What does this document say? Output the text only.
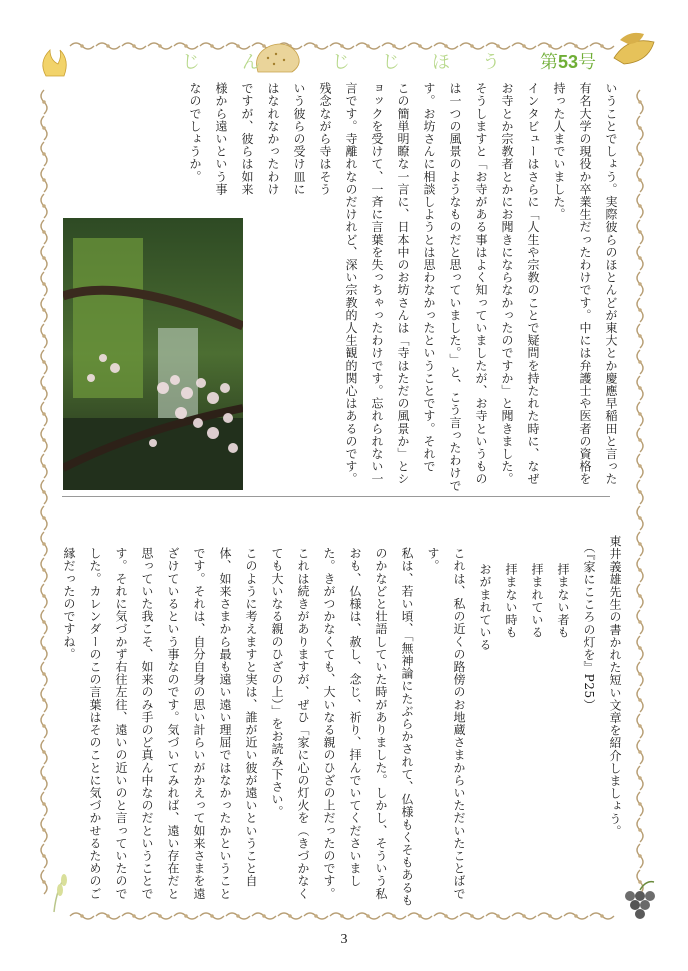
じ ん	じ じ ほ う 第53号
いうことでしょう。実際彼らのほとんどが東大とか慶應早稲田と言った有名大学の現役か卒業生だったわけです。中には弁護士や医者の資格を持った人までいました。
インタビューはさらに「人生や宗教のことで疑問を持たれた時に、なぜお寺とか宗教者とかにお聞きにならなかったのですか」と聞きました。
そうしますと「お寺がある事はよく知っていましたが、お寺というものは一つの風景のようなものだと思っていました。」と、こう言ったわけです。お坊さんに相談しようとは思わなかったということです。それで
この簡単明瞭な一言に、日本中のお坊さんは「寺はただの風景か」とショックを受けて、一斉に言葉を失っちゃったわけです。忘れられない一言です。寺離れなのだけれど、深い宗教的人生観的関心はあるのです。
残念ながら寺はそういう彼らの受け皿にはなれなかったわけですが、彼らは如来様から遠いという事なのでしょうか。
東井義雄先生の書かれた短い文章を紹介しましょう。
（『家にこころの灯を』P25）
拝まない者も
拝まれている
拝まない時も
おがまれている
これは、私の近くの路傍のお地蔵さまからいただいたことばです。
私は、若い頃、「無神論にたぶらかされて、仏様もくそもあるものかなどと壮語していた時がありました。しかし、そういう私おも、仏様は、赦し、念じ、祈り、拝んでいてくださいました。きがつかなくても、大いなる親のひざの上だったのです。
これは続きがありますが、ぜひ「家に心の灯火を（きづかなくても大いなる親のひざの上）」をお読み下さい。
このように考えますと実は、誰が近い彼が遠いということ自体、如来さまから最も遠い遠い理屈ではなかったかということです。それは、自分自身の思い計らいがかえって如来さまを遠ざけているという事なのです。気づいてみれば、遠い存在だと思っていた我こそ、如来のみ手のど真ん中なのだということです。それに気づかず右往左往、遠いの近いのと言っていたのでした。カレンダーのこの言葉はそのことに気づかせるためのご縁だったのですね。
3
